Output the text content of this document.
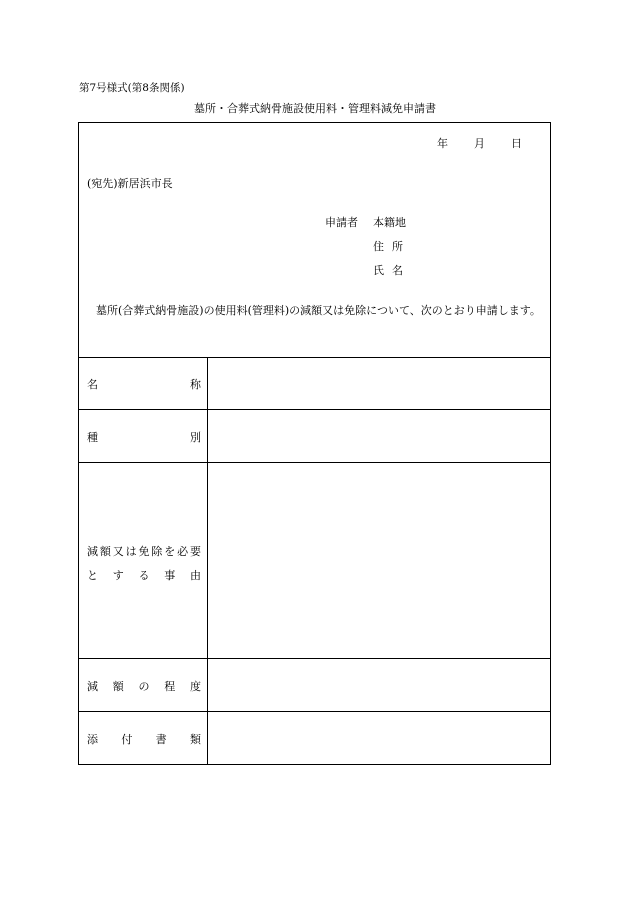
第7号様式(第8条関係)
墓所・合葬式納骨施設使用料・管理料減免申請書
年 月 日
(宛先)新居浜市長
申請者 本籍地
住所
氏名
墓所(合葬式納骨施設)の使用料(管理料)の減額又は免除について、次のとおり申請します。
名	称
種	別
減 額 又 は 免 除 を 必 要
と す る 事 由
減 額 の 程 度
添 付 書 類
